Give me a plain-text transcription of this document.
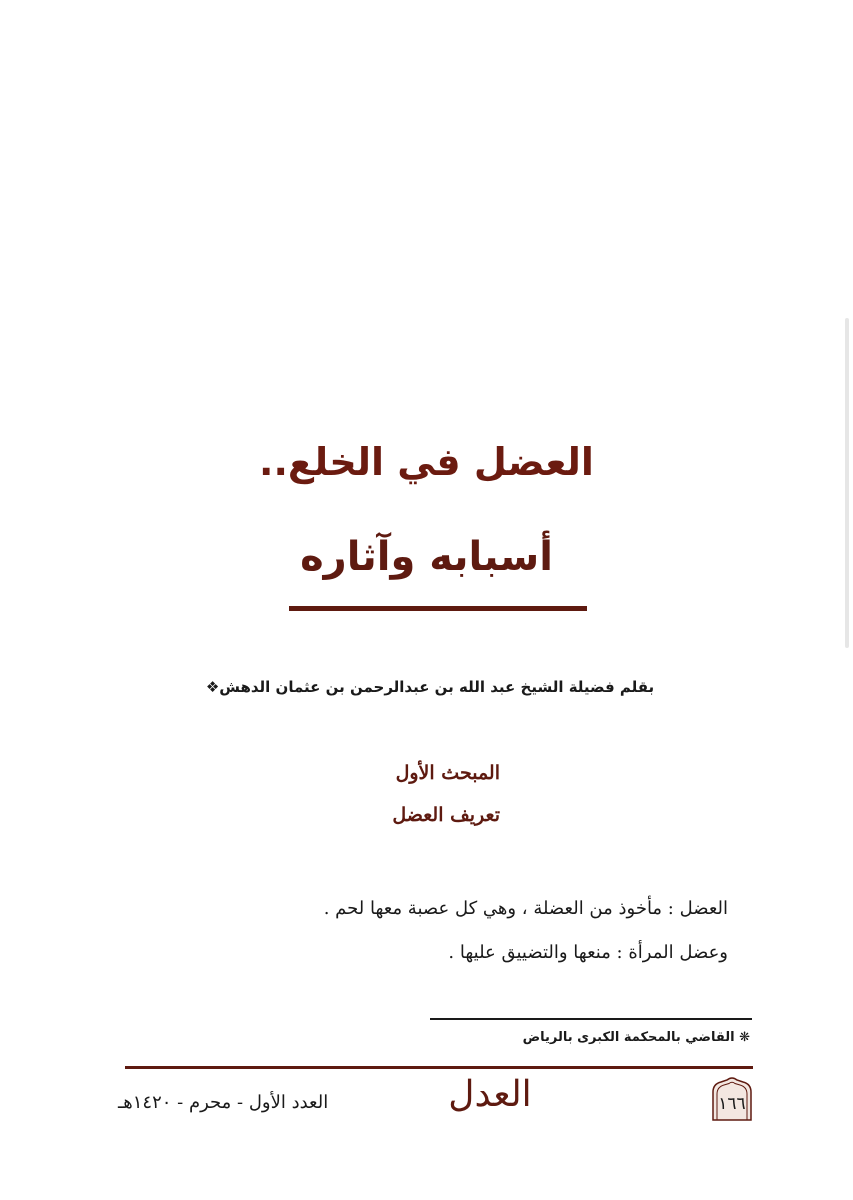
العضل في الخلع..
أسبابه وآثاره
بقلم فضيلة الشيخ عبد الله بن عبدالرحمن بن عثمان الدهش❖
المبحث الأول
تعريف العضل
العضل : مأخوذ من العضلة ، وهي كل عصبة معها لحم .
وعضل المرأة : منعها والتضييق عليها .
❋ القاضي بالمحكمة الكبرى بالرياض
العدد الأول - محرم - ١٤٢٠هـ	العدل	١٦٦
